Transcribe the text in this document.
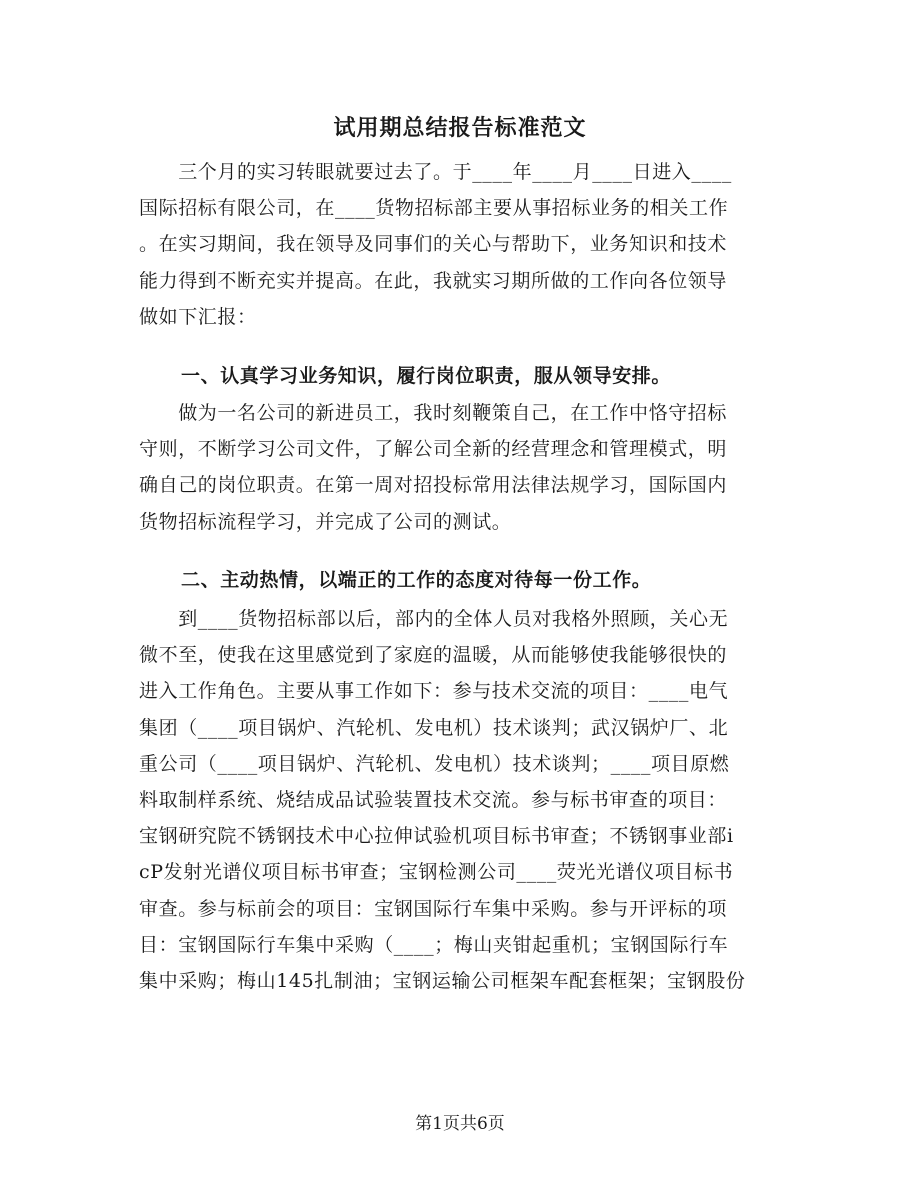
试用期总结报告标准范文
　　三个月的实习转眼就要过去了。于____年____月____日进入____
国际招标有限公司，在____货物招标部主要从事招标业务的相关工作
。在实习期间，我在领导及同事们的关心与帮助下，业务知识和技术
能力得到不断充实并提高。在此，我就实习期所做的工作向各位领导
做如下汇报：
一、认真学习业务知识，履行岗位职责，服从领导安排。
　　做为一名公司的新进员工，我时刻鞭策自己，在工作中恪守招标
守则，不断学习公司文件，了解公司全新的经营理念和管理模式，明
确自己的岗位职责。在第一周对招投标常用法律法规学习，国际国内
货物招标流程学习，并完成了公司的测试。
二、主动热情，以端正的工作的态度对待每一份工作。
　　到____货物招标部以后，部内的全体人员对我格外照顾，关心无
微不至，使我在这里感觉到了家庭的温暖，从而能够使我能够很快的
进入工作角色。主要从事工作如下：参与技术交流的项目：____电气
集团（____项目锅炉、汽轮机、发电机）技术谈判；武汉锅炉厂、北
重公司（____项目锅炉、汽轮机、发电机）技术谈判；____项目原燃
料取制样系统、烧结成品试验装置技术交流。参与标书审查的项目：
宝钢研究院不锈钢技术中心拉伸试验机项目标书审查；不锈钢事业部i
cP发射光谱仪项目标书审查；宝钢检测公司____荧光光谱仪项目标书
审查。参与标前会的项目：宝钢国际行车集中采购。参与开评标的项
目：宝钢国际行车集中采购（____；梅山夹钳起重机；宝钢国际行车
集中采购；梅山145扎制油；宝钢运输公司框架车配套框架；宝钢股份
第1页共6页
